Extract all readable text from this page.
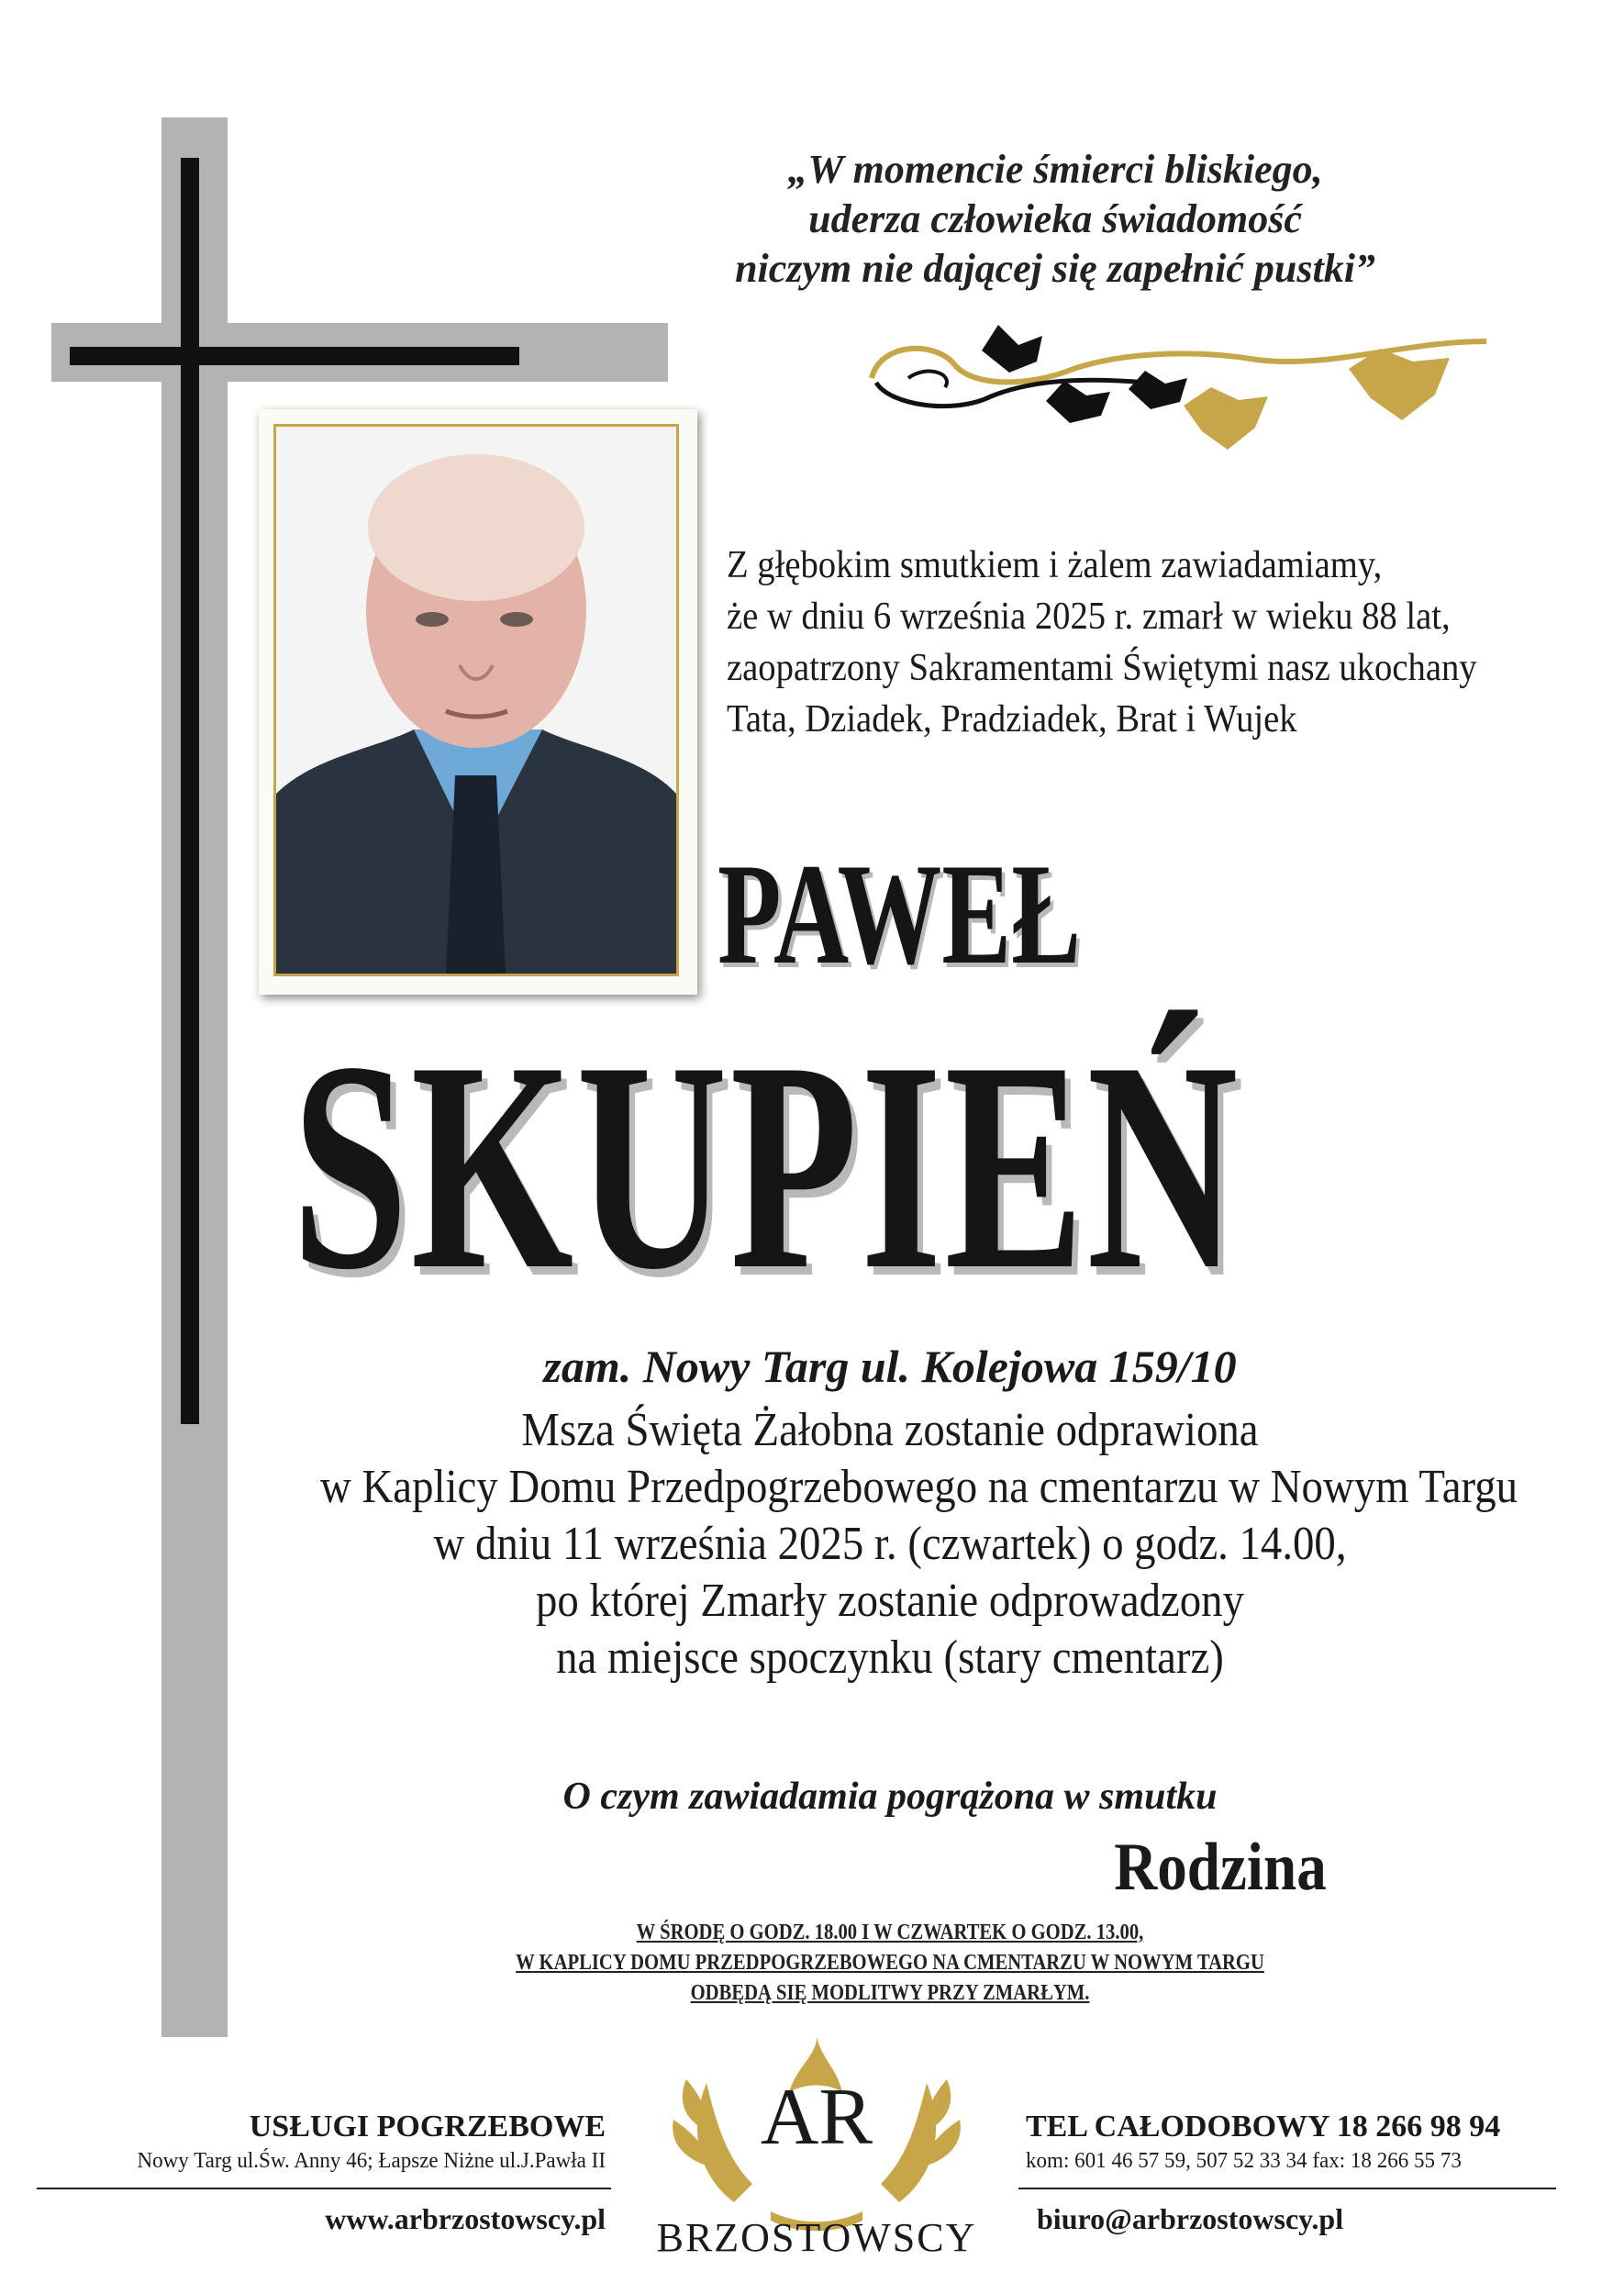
„W momencie śmierci bliskiego,
uderza człowieka świadomość
niczym nie dającej się zapełnić pustki”
Z głębokim smutkiem i żalem zawiadamiamy,
że w dniu 6 września 2025 r. zmarł w wieku 88 lat,
zaopatrzony Sakramentami Świętymi nasz ukochany
Tata, Dziadek, Pradziadek, Brat i Wujek
PAWEŁ
SKUPIEŃ
zam. Nowy Targ ul. Kolejowa 159/10
Msza Święta Żałobna zostanie odprawiona
w Kaplicy Domu Przedpogrzebowego na cmentarzu w Nowym Targu
w dniu 11 września 2025 r. (czwartek) o godz. 14.00,
po której Zmarły zostanie odprowadzony
na miejsce spoczynku (stary cmentarz)
O czym zawiadamia pogrążona w smutku
Rodzina
W ŚRODĘ O GODZ. 18.00 I W CZWARTEK O GODZ. 13.00,
W KAPLICY DOMU PRZEDPOGRZEBOWEGO NA CMENTARZU W NOWYM TARGU
ODBĘDĄ SIĘ MODLITWY PRZY ZMARŁYM.
USŁUGI POGRZEBOWE
Nowy Targ ul.Św. Anny 46; Łapsze Niżne ul.J.Pawła II
www.arbrzostowscy.pl
AR
BRZOSTOWSCY
TEL CAŁODOBOWY 18 266 98 94
kom: 601 46 57 59, 507 52 33 34 fax: 18 266 55 73
biuro@arbrzostowscy.pl
